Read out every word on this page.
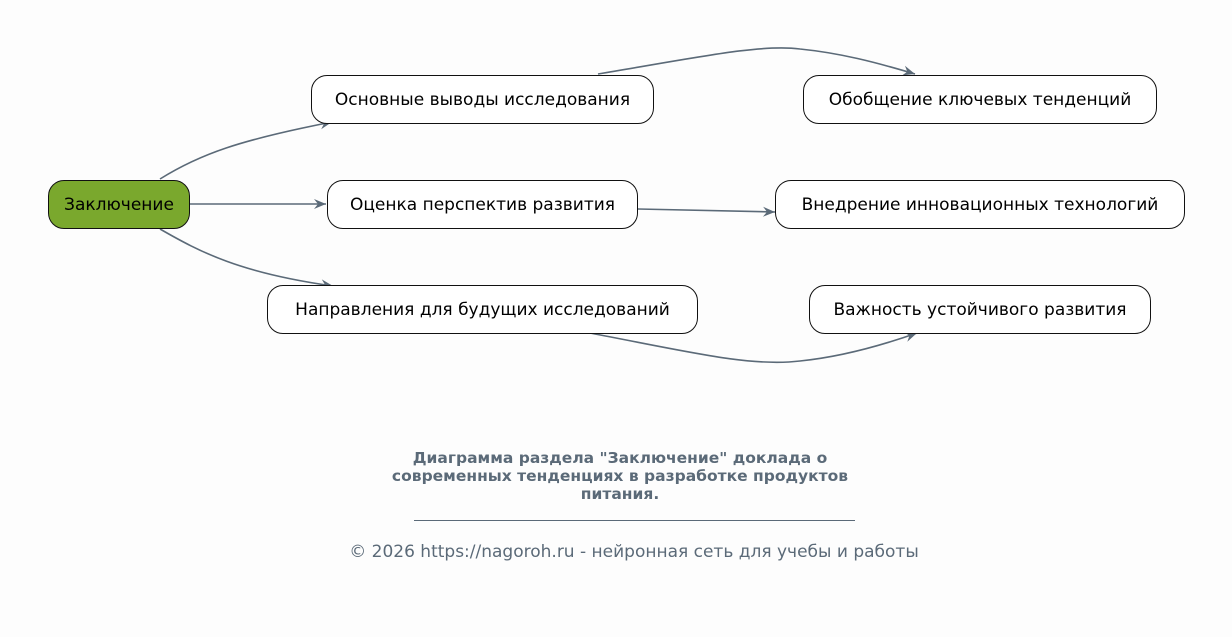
Заключение
Основные выводы исследования
Оценка перспектив развития
Направления для будущих исследований
Обобщение ключевых тенденций
Внедрение инновационных технологий
Важность устойчивого развития
Диаграмма раздела "Заключение" доклада о
современных тенденциях в разработке продуктов
питания.
© 2026 https://nagoroh.ru - нейронная сеть для учебы и работы
